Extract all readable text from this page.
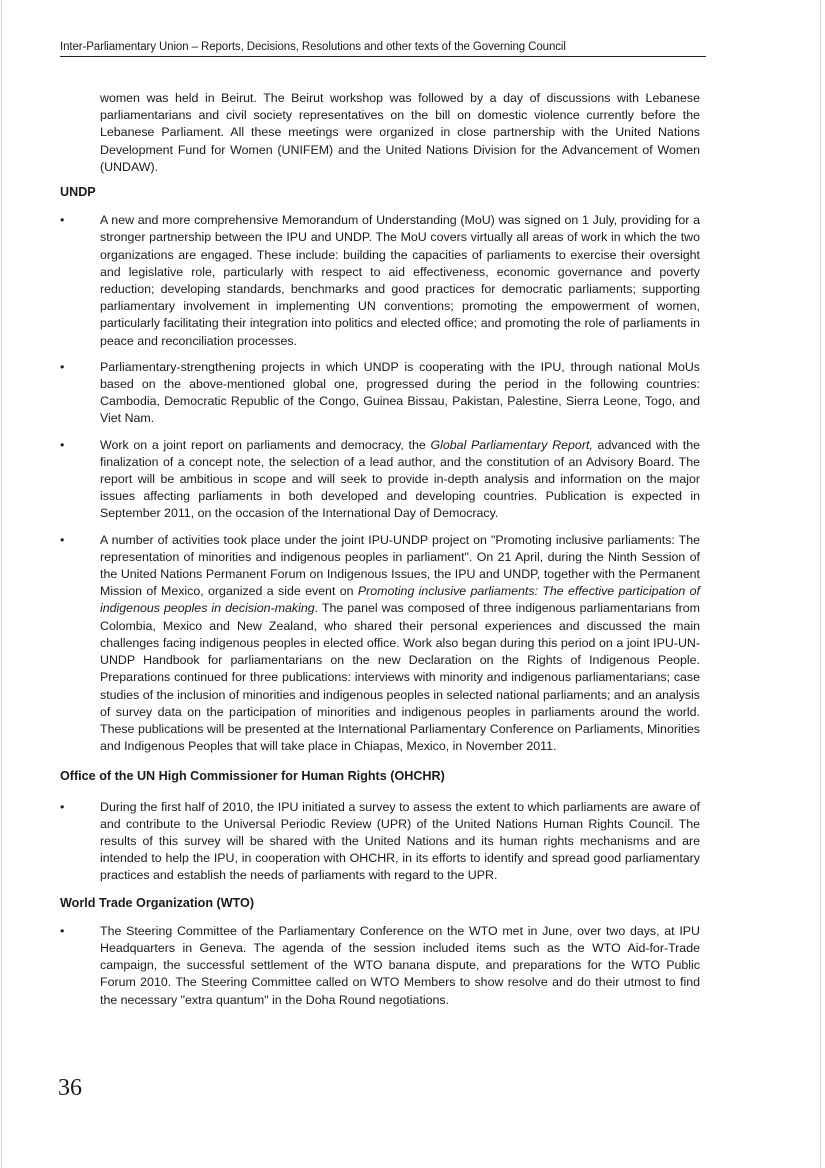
Inter-Parliamentary Union – Reports, Decisions, Resolutions and other texts of the Governing Council

women was held in Beirut. The Beirut workshop was followed by a day of discussions with Lebanese parliamentarians and civil society representatives on the bill on domestic violence currently before the Lebanese Parliament. All these meetings were organized in close partnership with the United Nations Development Fund for Women (UNIFEM) and the United Nations Division for the Advancement of Women (UNDAW).

UNDP
•	A new and more comprehensive Memorandum of Understanding (MoU) was signed on 1 July, providing for a stronger partnership between the IPU and UNDP. The MoU covers virtually all areas of work in which the two organizations are engaged. These include: building the capacities of parliaments to exercise their oversight and legislative role, particularly with respect to aid effectiveness, economic governance and poverty reduction; developing standards, benchmarks and good practices for democratic parliaments; supporting parliamentary involvement in implementing UN conventions; promoting the empowerment of women, particularly facilitating their integration into politics and elected office; and promoting the role of parliaments in peace and reconciliation processes.
•	Parliamentary-strengthening projects in which UNDP is cooperating with the IPU, through national MoUs based on the above-mentioned global one, progressed during the period in the following countries: Cambodia, Democratic Republic of the Congo, Guinea Bissau, Pakistan, Palestine, Sierra Leone, Togo, and Viet Nam.
•	Work on a joint report on parliaments and democracy, the Global Parliamentary Report, advanced with the finalization of a concept note, the selection of a lead author, and the constitution of an Advisory Board. The report will be ambitious in scope and will seek to provide in-depth analysis and information on the major issues affecting parliaments in both developed and developing countries. Publication is expected in September 2011, on the occasion of the International Day of Democracy.
•	A number of activities took place under the joint IPU-UNDP project on "Promoting inclusive parliaments: The representation of minorities and indigenous peoples in parliament". On 21 April, during the Ninth Session of the United Nations Permanent Forum on Indigenous Issues, the IPU and UNDP, together with the Permanent Mission of Mexico, organized a side event on Promoting inclusive parliaments: The effective participation of indigenous peoples in decision-making. The panel was composed of three indigenous parliamentarians from Colombia, Mexico and New Zealand, who shared their personal experiences and discussed the main challenges facing indigenous peoples in elected office. Work also began during this period on a joint IPU-UN-UNDP Handbook for parliamentarians on the new Declaration on the Rights of Indigenous People. Preparations continued for three publications: interviews with minority and indigenous parliamentarians; case studies of the inclusion of minorities and indigenous peoples in selected national parliaments; and an analysis of survey data on the participation of minorities and indigenous peoples in parliaments around the world. These publications will be presented at the International Parliamentary Conference on Parliaments, Minorities and Indigenous Peoples that will take place in Chiapas, Mexico, in November 2011.
Office of the UN High Commissioner for Human Rights (OHCHR)
•	During the first half of 2010, the IPU initiated a survey to assess the extent to which parliaments are aware of and contribute to the Universal Periodic Review (UPR) of the United Nations Human Rights Council. The results of this survey will be shared with the United Nations and its human rights mechanisms and are intended to help the IPU, in cooperation with OHCHR, in its efforts to identify and spread good parliamentary practices and establish the needs of parliaments with regard to the UPR.
World Trade Organization (WTO)
•	The Steering Committee of the Parliamentary Conference on the WTO met in June, over two days, at IPU Headquarters in Geneva. The agenda of the session included items such as the WTO Aid-for-Trade campaign, the successful settlement of the WTO banana dispute, and preparations for the WTO Public Forum 2010. The Steering Committee called on WTO Members to show resolve and do their utmost to find the necessary "extra quantum" in the Doha Round negotiations.
36
